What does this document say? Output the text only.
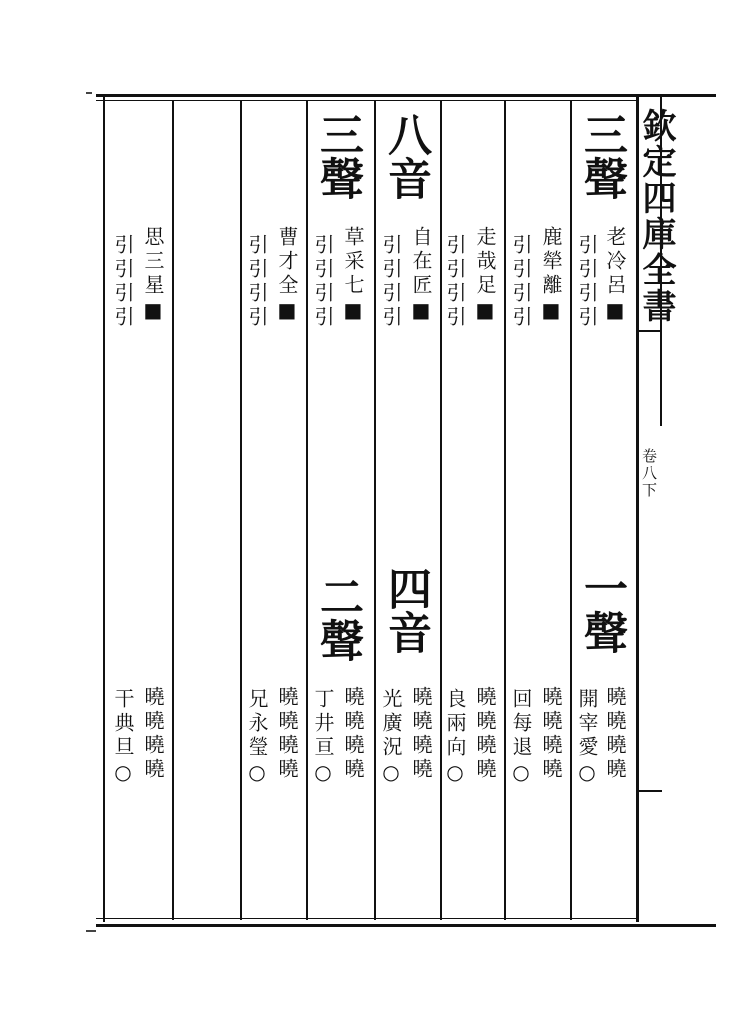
欽定四庫全書
卷八下
三聲
八音
三聲
老冷呂■
引引引引
鹿犖離■
引引引引
走哉足■
引引引引
自在匠■
引引引引
草采七■
引引引引
曹才全■
引引引引
思三星■
引引引引
一聲
四音
二聲
曉曉曉曉
開宰愛○
曉曉曉曉
回每退○
曉曉曉曉
良兩向○
曉曉曉曉
光廣況○
曉曉曉曉
丁井亘○
曉曉曉曉
兄永瑩○
曉曉曉曉
干典旦○
